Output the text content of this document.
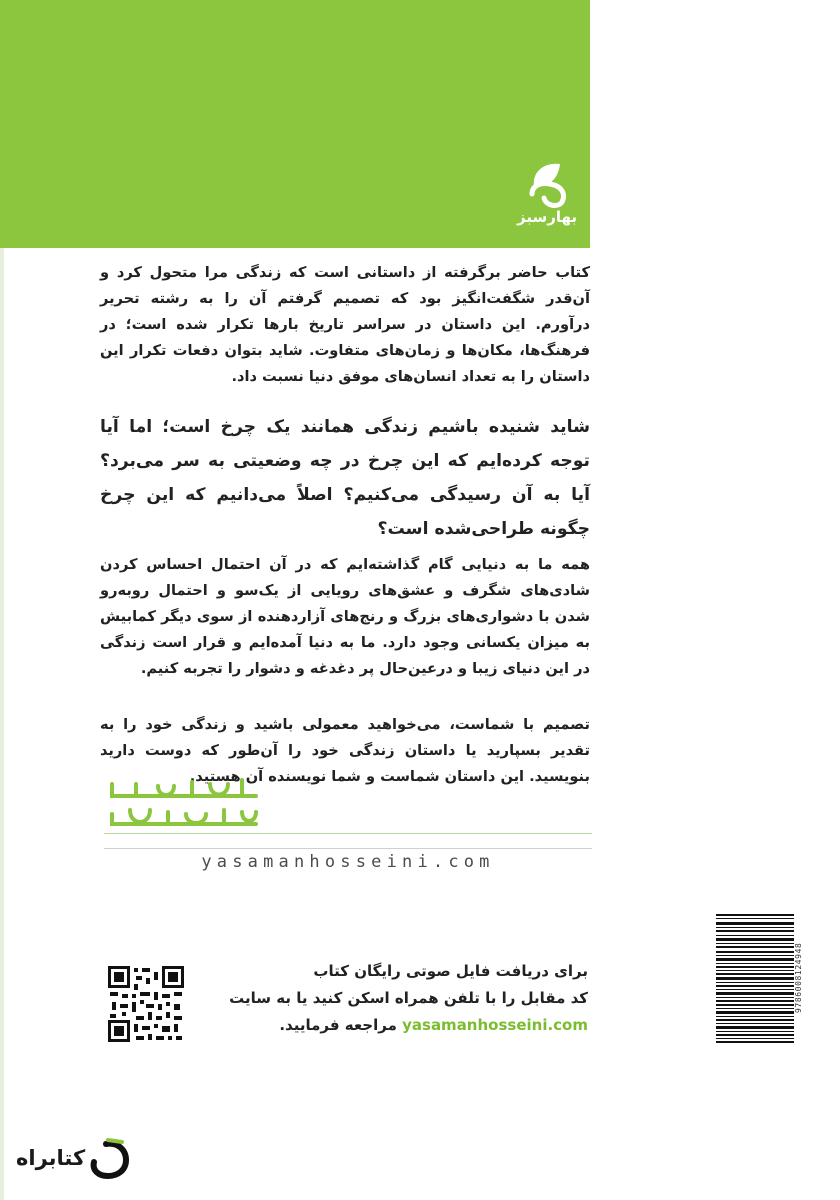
بهارسبز
کتاب حاضر برگرفته از داستانی است که زندگی مرا متحول کرد و آن‌قدر شگفت‌انگیز بود که تصمیم گرفتم آن را به رشته تحریر درآورم. این داستان در سراسر تاریخ بارها تکرار شده است؛ در فرهنگ‌ها، مکان‌ها و زمان‌های متفاوت. شاید بتوان دفعات تکرار این داستان را به تعداد انسان‌های موفق دنیا نسبت داد.
شاید شنیده باشیم زندگی همانند یک چرخ است؛ اما آیا توجه کرده‌ایم که این چرخ در چه وضعیتی به سر می‌برد؟ آیا به آن رسیدگی می‌کنیم؟ اصلاً می‌دانیم که این چرخ چگونه طراحی‌شده است؟
همه ما به دنیایی گام گذاشته‌ایم که در آن احتمال احساس کردن شادی‌های شگرف و عشق‌های رویایی از یک‌سو و احتمال روبه‌رو شدن با دشواری‌های بزرگ و رنج‌های آزاردهنده از سوی دیگر کمابیش به میزان یکسانی وجود دارد. ما به دنیا آمده‌ایم و قرار است زندگی در این دنیای زیبا و درعین‌حال پر دغدغه و دشوار را تجربه کنیم.
تصمیم با شماست، می‌خواهید معمولی باشید و زندگی خود را به تقدیر بسپارید یا داستان زندگی خود را آن‌طور که دوست دارید بنویسید. این داستان شماست و شما نویسنده آن هستید.
yasamanhosseini.com
9786008124948
برای دریافت فایل صوتی رایگان کتاب
کد مقابل را با تلفن همراه اسکن کنید یا به سایت
yasamanhosseini.com مراجعه فرمایید.
کتابراه
